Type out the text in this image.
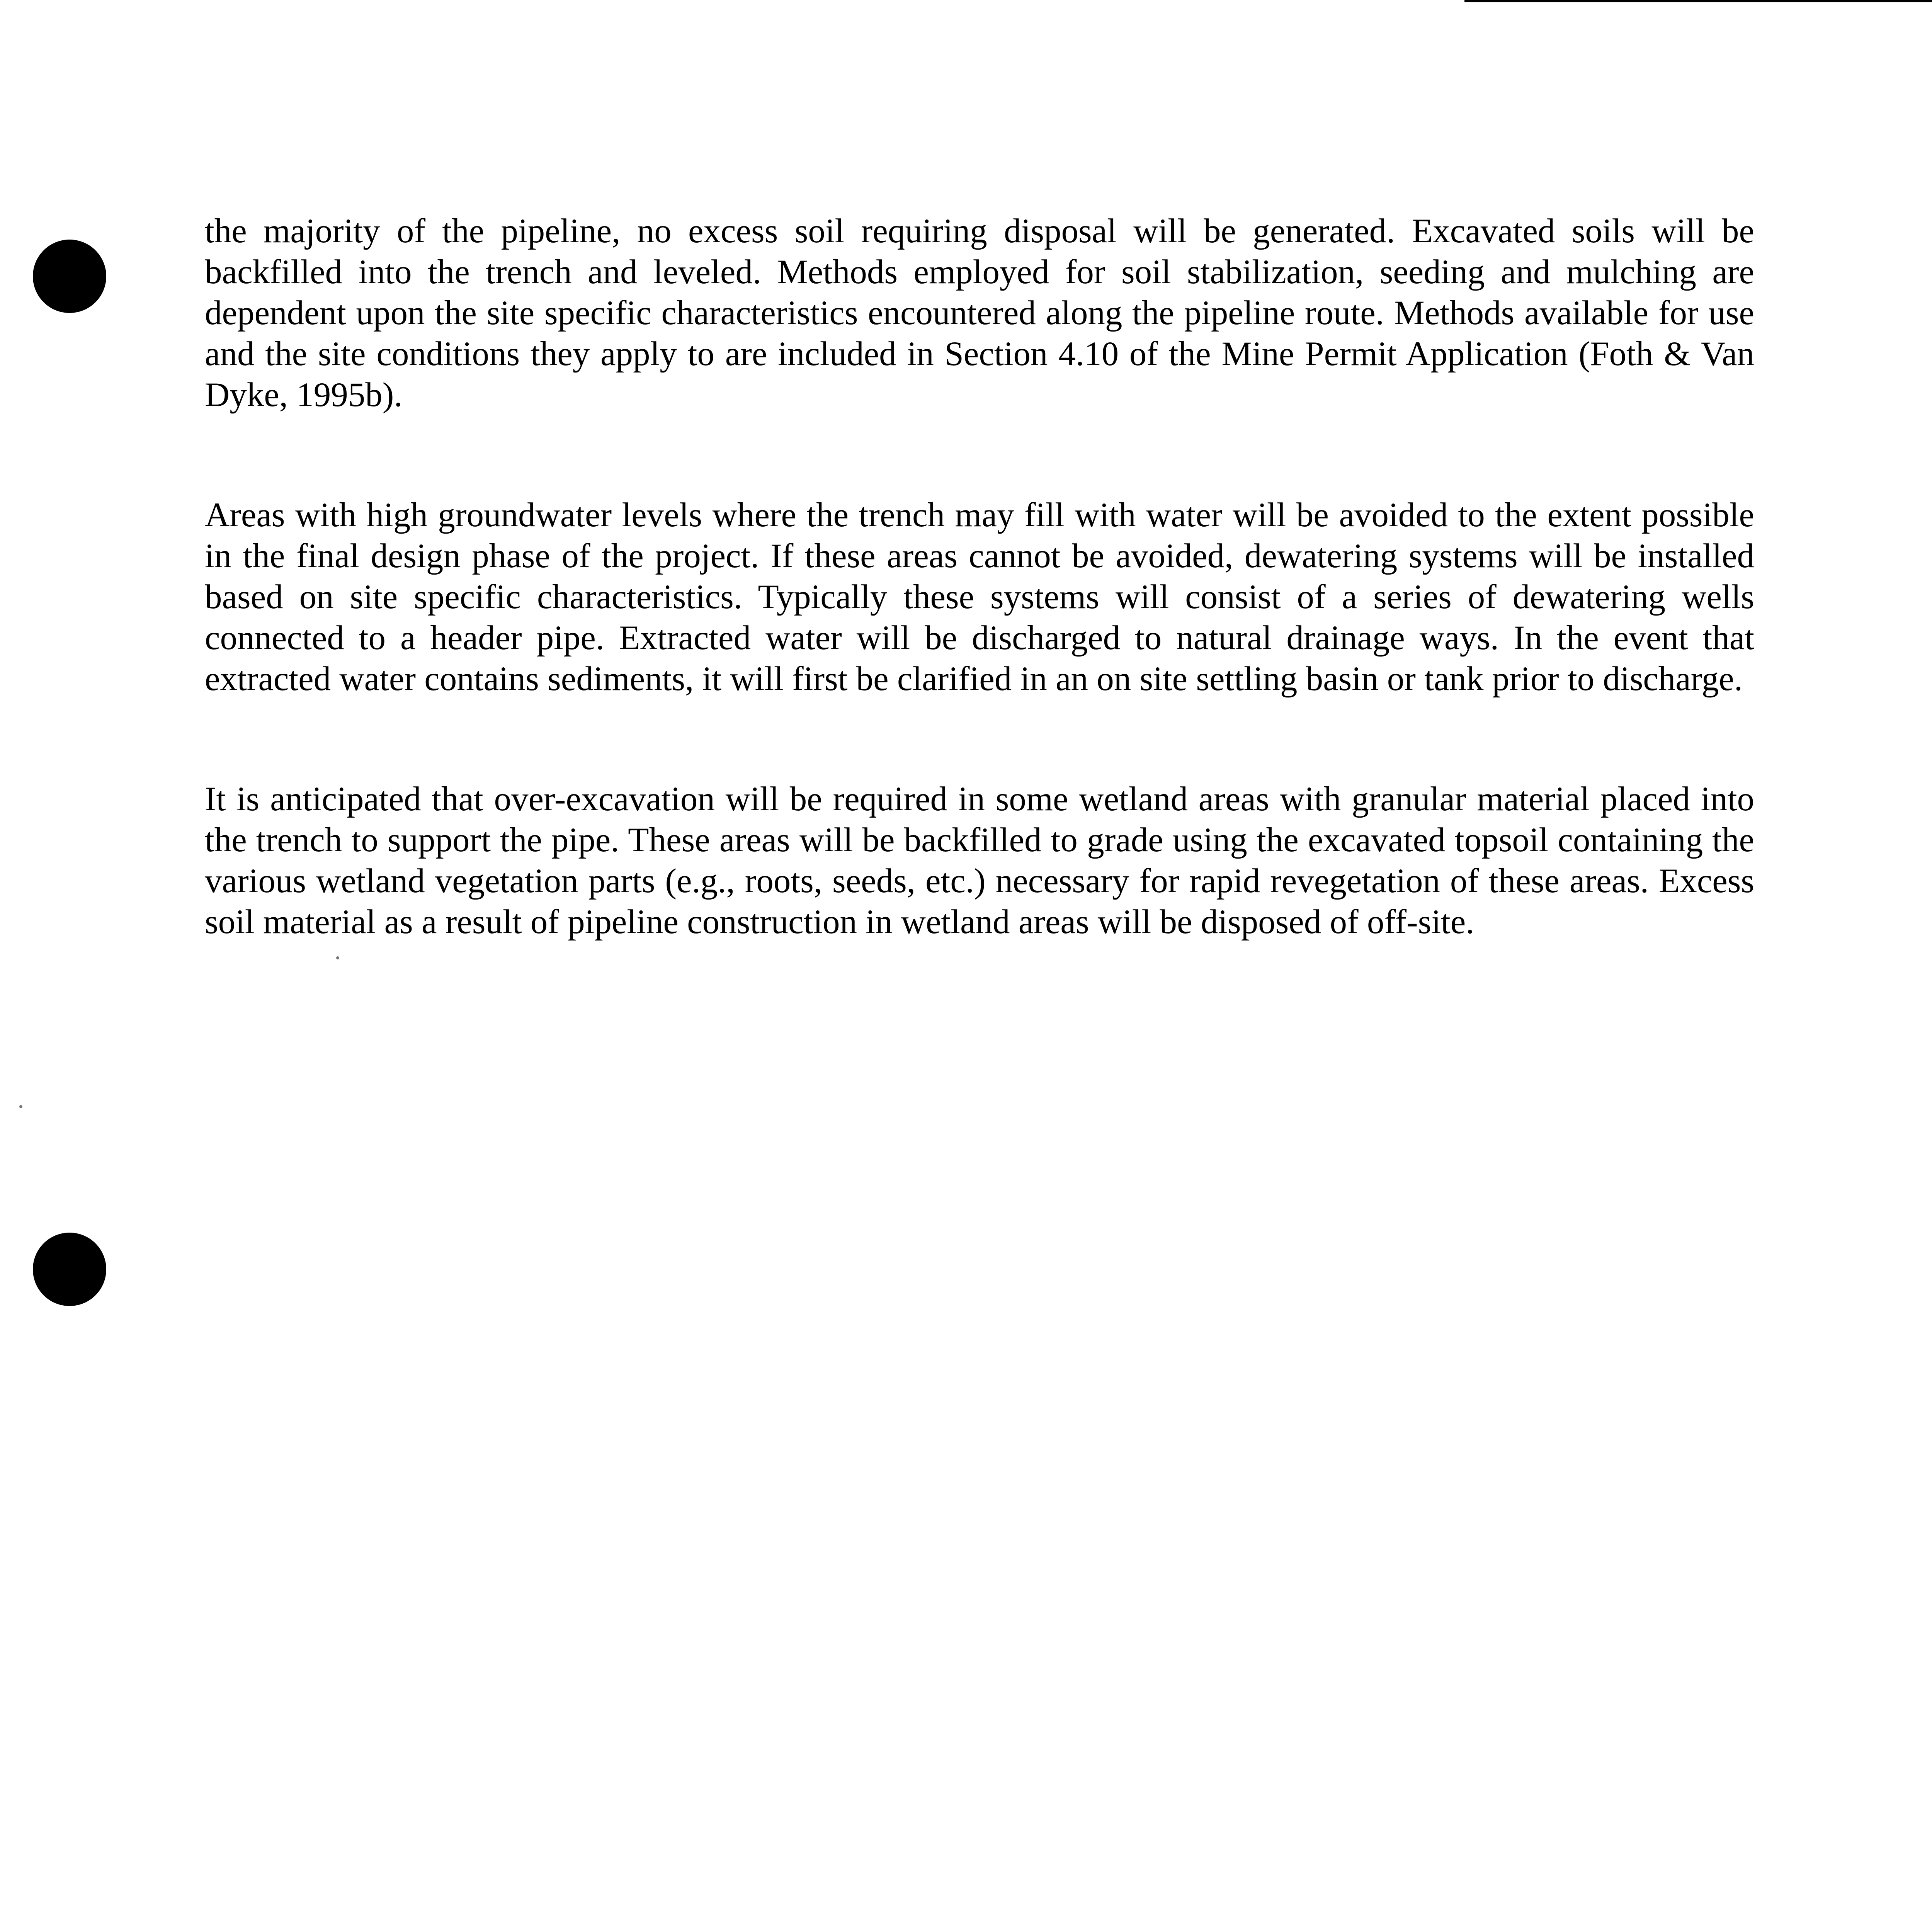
the majority of the pipeline, no excess soil requiring disposal will be generated. Excavated soils will be backfilled into the trench and leveled. Methods employed for soil stabilization, seeding and mulching are dependent upon the site specific characteristics encountered along the pipeline route. Methods available for use and the site conditions they apply to are included in Section 4.10 of the Mine Permit Application (Foth & Van Dyke, 1995b).

Areas with high groundwater levels where the trench may fill with water will be avoided to the extent possible in the final design phase of the project. If these areas cannot be avoided, dewatering systems will be installed based on site specific characteristics. Typically these systems will consist of a series of dewatering wells connected to a header pipe. Extracted water will be discharged to natural drainage ways. In the event that extracted water contains sediments, it will first be clarified in an on site settling basin or tank prior to discharge.

It is anticipated that over-excavation will be required in some wetland areas with granular material placed into the trench to support the pipe. These areas will be backfilled to grade using the excavated topsoil containing the various wetland vegetation parts (e.g., roots, seeds, etc.) necessary for rapid revegetation of these areas. Excess soil material as a result of pipeline construction in wetland areas will be disposed of off-site.
